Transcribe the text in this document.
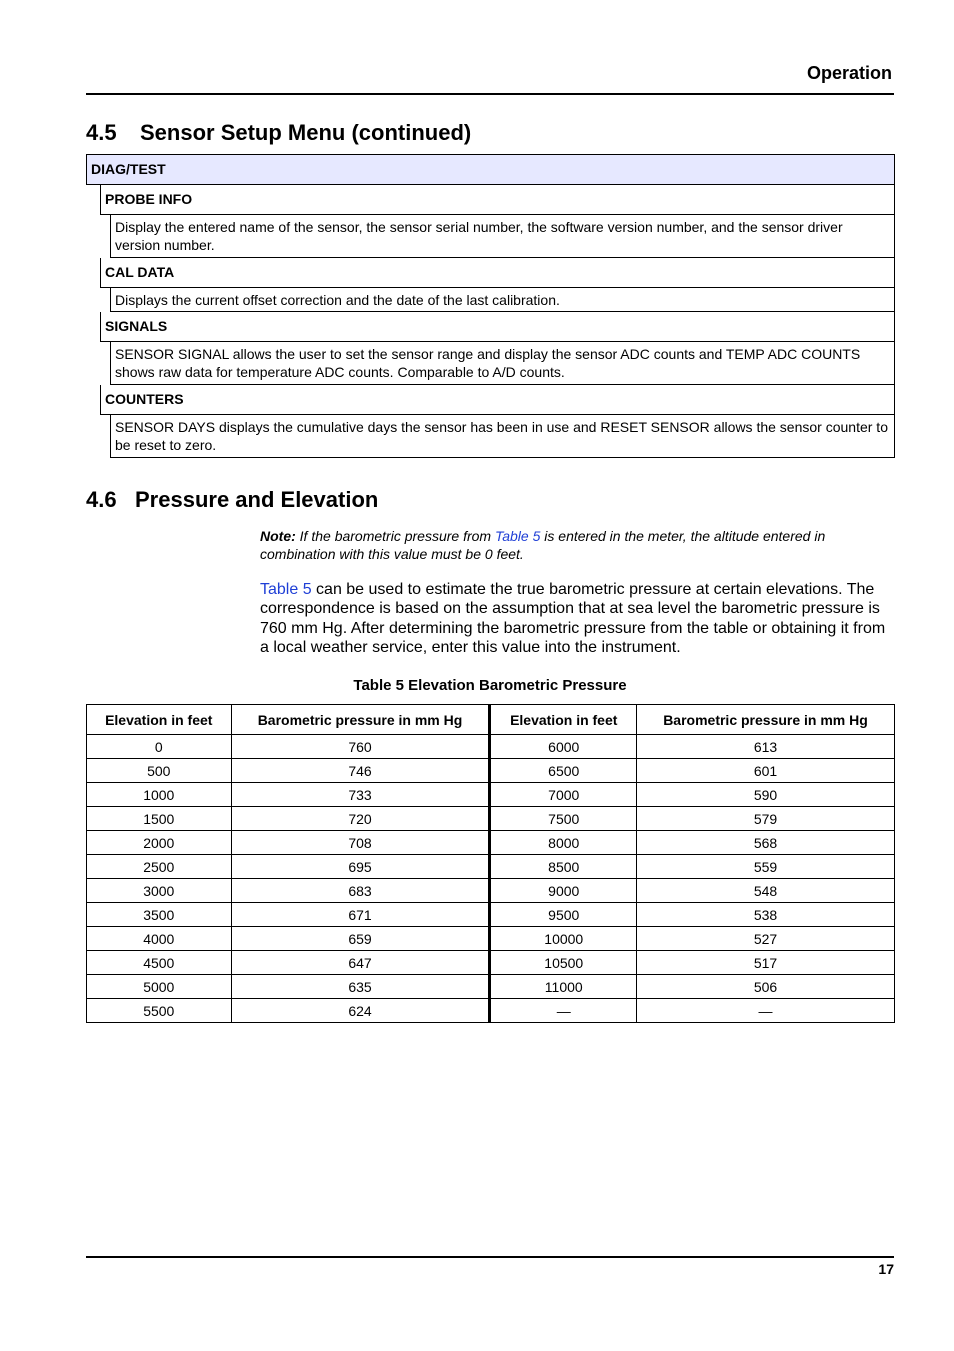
Operation
4.5 Sensor Setup Menu (continued)
DIAG/TEST
PROBE INFO
Display the entered name of the sensor, the sensor serial number, the software version number, and the sensor driver version number.
CAL DATA
Displays the current offset correction and the date of the last calibration.
SIGNALS
SENSOR SIGNAL allows the user to set the sensor range and display the sensor ADC counts and TEMP ADC COUNTS shows raw data for temperature ADC counts. Comparable to A/D counts.
COUNTERS
SENSOR DAYS displays the cumulative days the sensor has been in use and RESET SENSOR allows the sensor counter to be reset to zero.
4.6 Pressure and Elevation
Note: If the barometric pressure from Table 5 is entered in the meter, the altitude entered in combination with this value must be 0 feet.
Table 5 can be used to estimate the true barometric pressure at certain elevations. The correspondence is based on the assumption that at sea level the barometric pressure is 760 mm Hg. After determining the barometric pressure from the table or obtaining it from a local weather service, enter this value into the instrument.
Table 5 Elevation Barometric Pressure
Elevation in feet	Barometric pressure in mm Hg	Elevation in feet	Barometric pressure in mm Hg
0	760	6000	613
500	746	6500	601
1000	733	7000	590
1500	720	7500	579
2000	708	8000	568
2500	695	8500	559
3000	683	9000	548
3500	671	9500	538
4000	659	10000	527
4500	647	10500	517
5000	635	11000	506
5500	624	—	—
17
